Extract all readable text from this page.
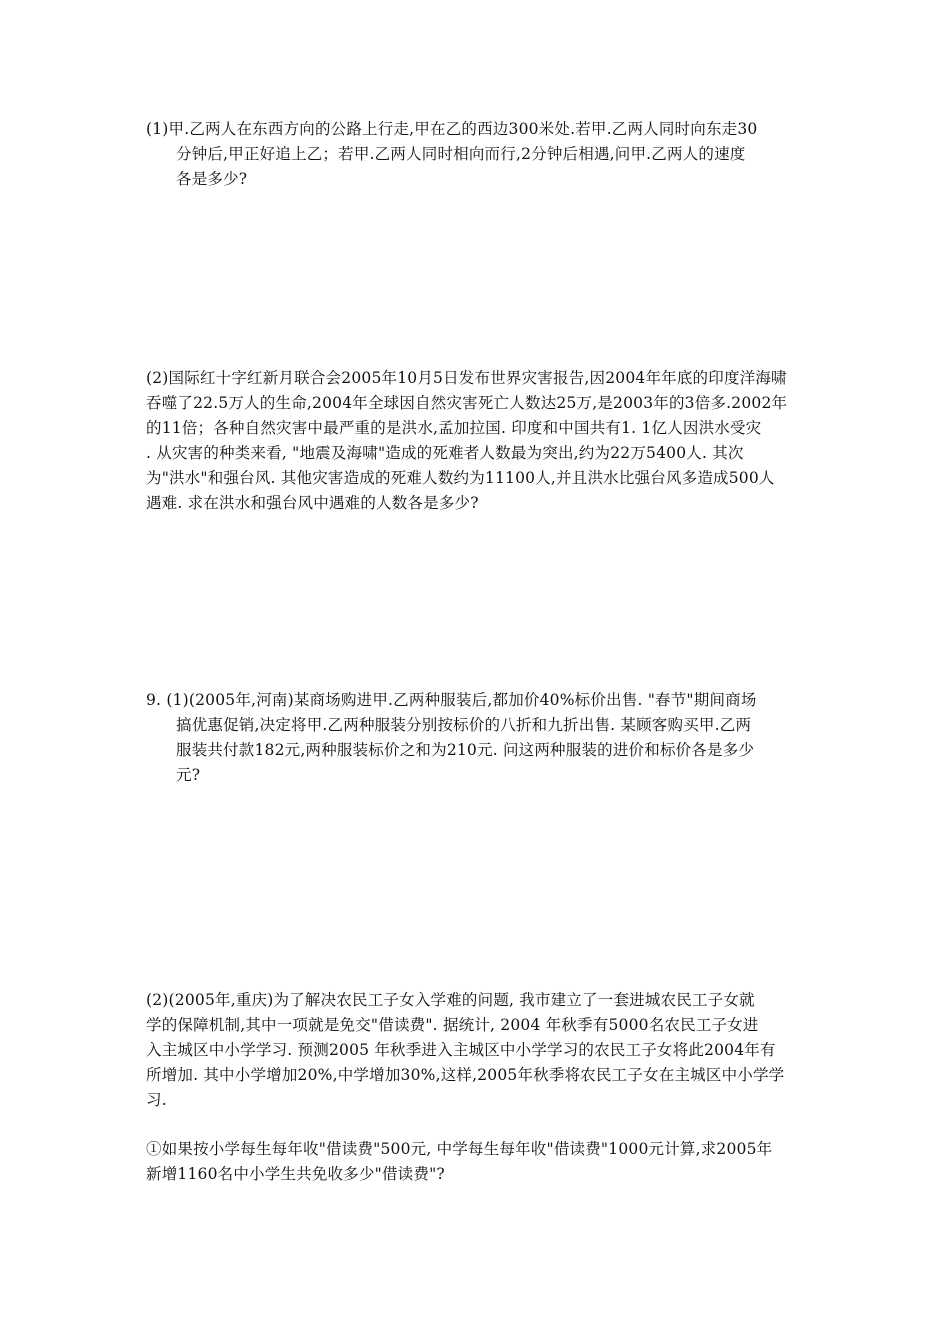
(1)甲.乙两人在东西方向的公路上行走,甲在乙的西边300米处.若甲.乙两人同时向东走30
分钟后,甲正好追上乙；若甲.乙两人同时相向而行,2分钟后相遇,问甲.乙两人的速度
各是多少?
(2)国际红十字红新月联合会2005年10月5日发布世界灾害报告,因2004年年底的印度洋海啸
吞噬了22.5万人的生命,2004年全球因自然灾害死亡人数达25万,是2003年的3倍多.2002年
的11倍；各种自然灾害中最严重的是洪水,孟加拉国. 印度和中国共有1. 1亿人因洪水受灾
. 从灾害的种类来看, "地震及海啸"造成的死难者人数最为突出,约为22万5400人. 其次
为"洪水"和强台风. 其他灾害造成的死难人数约为11100人,并且洪水比强台风多造成500人
遇难. 求在洪水和强台风中遇难的人数各是多少?
9. (1)(2005年,河南)某商场购进甲.乙两种服装后,都加价40%标价出售. "春节"期间商场
搞优惠促销,决定将甲.乙两种服装分别按标价的八折和九折出售. 某顾客购买甲.乙两
服装共付款182元,两种服装标价之和为210元. 问这两种服装的进价和标价各是多少
元?
(2)(2005年,重庆)为了解决农民工子女入学难的问题, 我市建立了一套进城农民工子女就
学的保障机制,其中一项就是免交"借读费". 据统计, 2004 年秋季有5000名农民工子女进
入主城区中小学学习. 预测2005 年秋季进入主城区中小学学习的农民工子女将此2004年有
所增加. 其中小学增加20%,中学增加30%,这样,2005年秋季将农民工子女在主城区中小学学
习.
①如果按小学每生每年收"借读费"500元, 中学每生每年收"借读费"1000元计算,求2005年
新增1160名中小学生共免收多少"借读费"?
